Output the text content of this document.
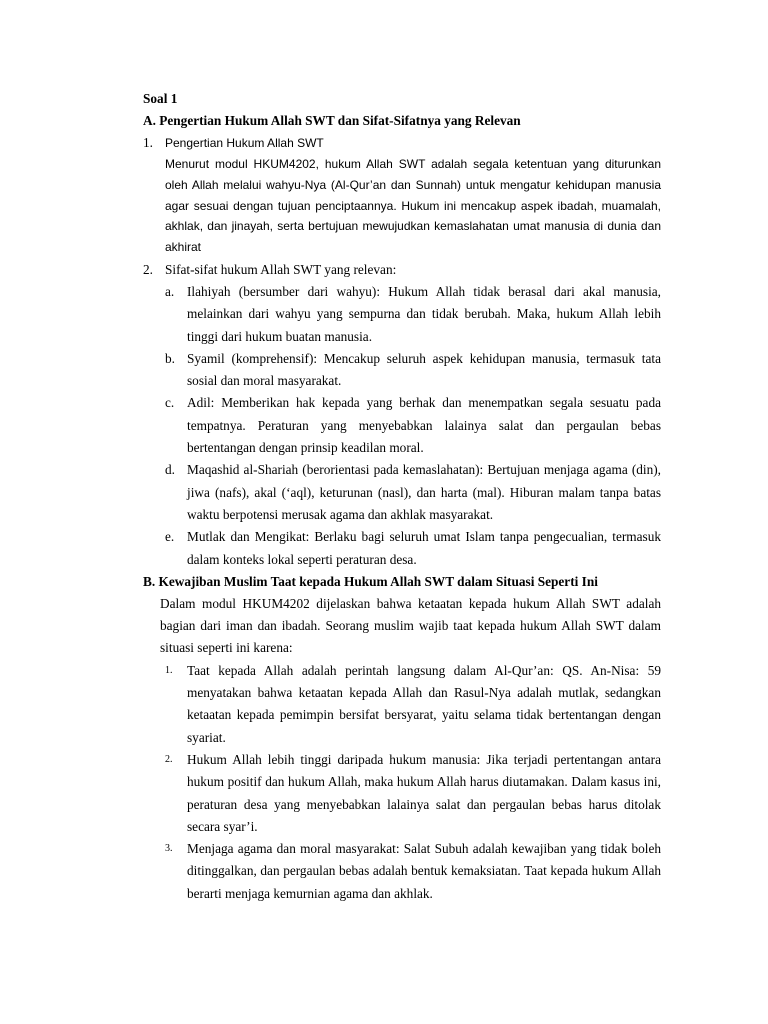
Soal 1
A. Pengertian Hukum Allah SWT dan Sifat-Sifatnya yang Relevan
1.	Pengertian Hukum Allah SWT
Menurut modul HKUM4202, hukum Allah SWT adalah segala ketentuan yang diturunkan oleh Allah melalui wahyu-Nya (Al-Qur’an dan Sunnah) untuk mengatur kehidupan manusia agar sesuai dengan tujuan penciptaannya. Hukum ini mencakup aspek ibadah, muamalah, akhlak, dan jinayah, serta bertujuan mewujudkan kemaslahatan umat manusia di dunia dan akhirat
2. Sifat-sifat hukum Allah SWT yang relevan:
a. Ilahiyah (bersumber dari wahyu): Hukum Allah tidak berasal dari akal manusia, melainkan dari wahyu yang sempurna dan tidak berubah. Maka, hukum Allah lebih tinggi dari hukum buatan manusia.
b. Syamil (komprehensif): Mencakup seluruh aspek kehidupan manusia, termasuk tata sosial dan moral masyarakat.
c. Adil: Memberikan hak kepada yang berhak dan menempatkan segala sesuatu pada tempatnya. Peraturan yang menyebabkan lalainya salat dan pergaulan bebas bertentangan dengan prinsip keadilan moral.
d. Maqashid al-Shariah (berorientasi pada kemaslahatan): Bertujuan menjaga agama (din), jiwa (nafs), akal (‘aql), keturunan (nasl), dan harta (mal). Hiburan malam tanpa batas waktu berpotensi merusak agama dan akhlak masyarakat.
e. Mutlak dan Mengikat: Berlaku bagi seluruh umat Islam tanpa pengecualian, termasuk dalam konteks lokal seperti peraturan desa.
B. Kewajiban Muslim Taat kepada Hukum Allah SWT dalam Situasi Seperti Ini
Dalam modul HKUM4202 dijelaskan bahwa ketaatan kepada hukum Allah SWT adalah bagian dari iman dan ibadah. Seorang muslim wajib taat kepada hukum Allah SWT dalam situasi seperti ini karena:
1.	Taat kepada Allah adalah perintah langsung dalam Al-Qur’an: QS. An-Nisa: 59 menyatakan bahwa ketaatan kepada Allah dan Rasul-Nya adalah mutlak, sedangkan ketaatan kepada pemimpin bersifat bersyarat, yaitu selama tidak bertentangan dengan syariat.
2.	Hukum Allah lebih tinggi daripada hukum manusia: Jika terjadi pertentangan antara hukum positif dan hukum Allah, maka hukum Allah harus diutamakan. Dalam kasus ini, peraturan desa yang menyebabkan lalainya salat dan pergaulan bebas harus ditolak secara syar’i.
3.	Menjaga agama dan moral masyarakat: Salat Subuh adalah kewajiban yang tidak boleh ditinggalkan, dan pergaulan bebas adalah bentuk kemaksiatan. Taat kepada hukum Allah berarti menjaga kemurnian agama dan akhlak.
